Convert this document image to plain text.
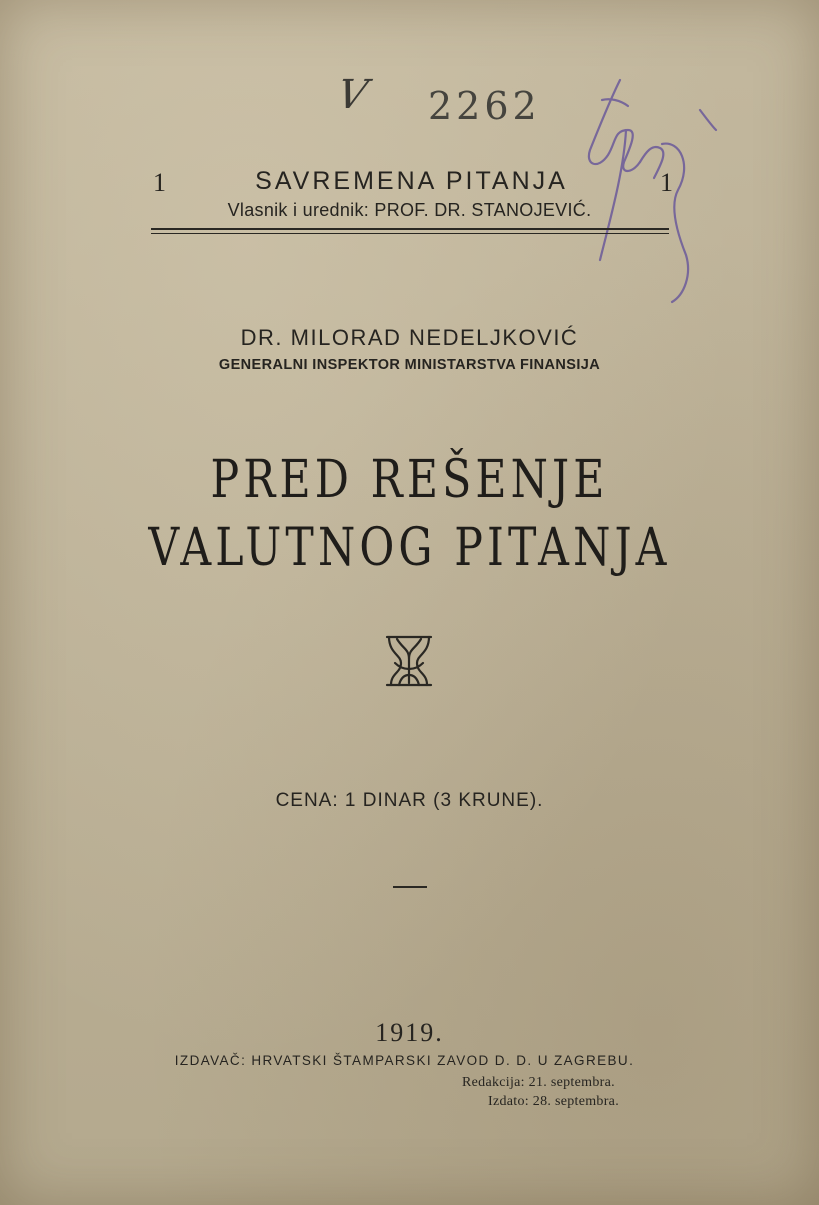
V 2262
1	SAVREMENA PITANJA	1
Vlasnik i urednik: PROF. DR. STANOJEVIĆ.
DR. MILORAD NEDELJKOVIĆ
GENERALNI INSPEKTOR MINISTARSTVA FINANSIJA
PRED REŠENJE
VALUTNOG PITANJA
CENA: 1 DINAR (3 KRUNE).
1919.
IZDAVAČ: HRVATSKI ŠTAMPARSKI ZAVOD D. D. U ZAGREBU.
Redakcija: 21. septembra.
Izdato: 28. septembra.
